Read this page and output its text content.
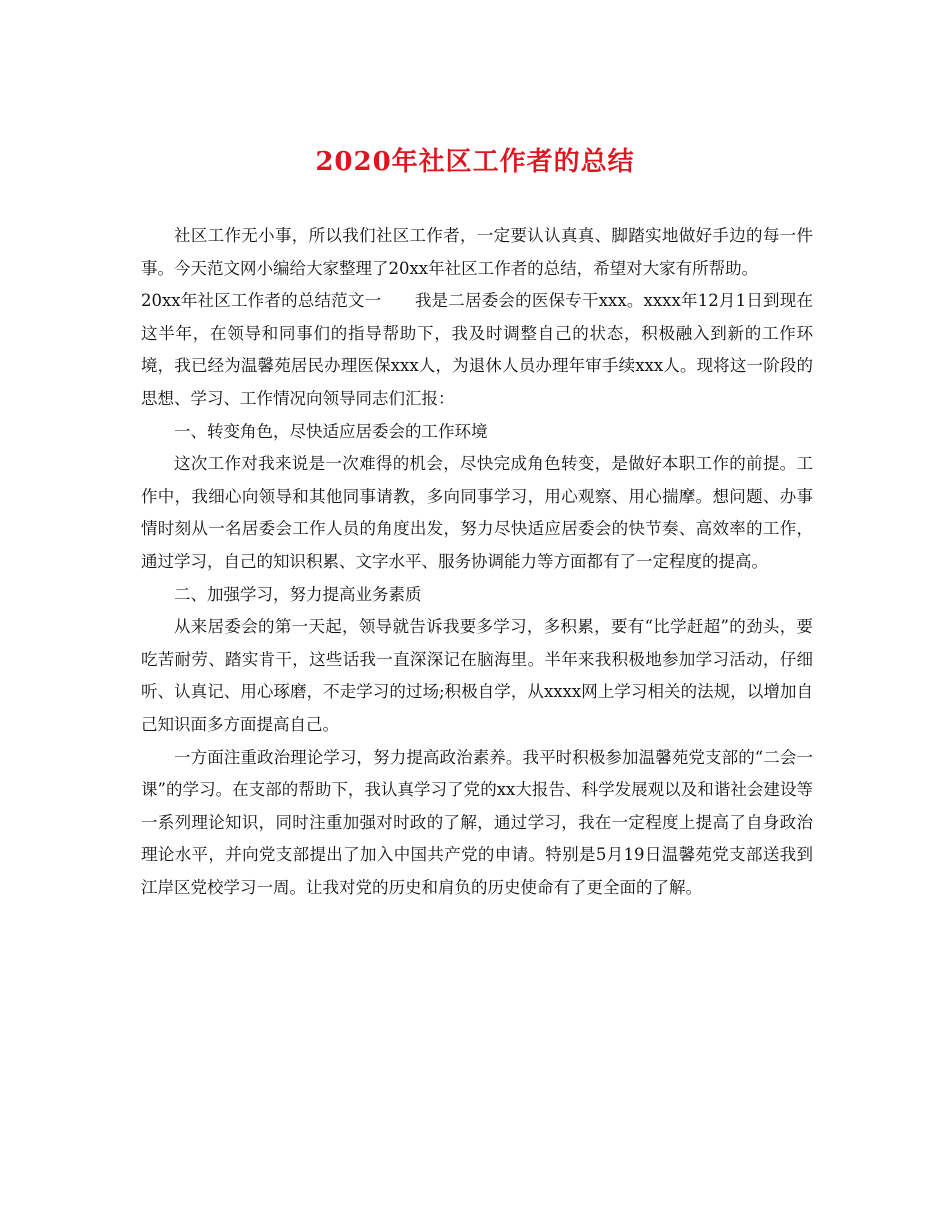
2020年社区工作者的总结

社区工作无小事，所以我们社区工作者，一定要认认真真、脚踏实地做好手边的每一件事。今天范文网小编给大家整理了20xx年社区工作者的总结，希望对大家有所帮助。

20xx年社区工作者的总结范文一　　我是二居委会的医保专干xxx。xxxx年12月1日到现在这半年，在领导和同事们的指导帮助下，我及时调整自己的状态，积极融入到新的工作环境，我已经为温馨苑居民办理医保xxx人，为退休人员办理年审手续xxx人。现将这一阶段的思想、学习、工作情况向领导同志们汇报：

一、转变角色，尽快适应居委会的工作环境

这次工作对我来说是一次难得的机会，尽快完成角色转变，是做好本职工作的前提。工作中，我细心向领导和其他同事请教，多向同事学习，用心观察、用心揣摩。想问题、办事情时刻从一名居委会工作人员的角度出发，努力尽快适应居委会的快节奏、高效率的工作，通过学习，自己的知识积累、文字水平、服务协调能力等方面都有了一定程度的提高。

二、加强学习，努力提高业务素质

从来居委会的第一天起，领导就告诉我要多学习，多积累，要有“比学赶超”的劲头，要吃苦耐劳、踏实肯干，这些话我一直深深记在脑海里。半年来我积极地参加学习活动，仔细听、认真记、用心琢磨，不走学习的过场;积极自学，从xxxx网上学习相关的法规，以增加自己知识面多方面提高自己。

一方面注重政治理论学习，努力提高政治素养。我平时积极参加温馨苑党支部的“二会一课”的学习。在支部的帮助下，我认真学习了党的xx大报告、科学发展观以及和谐社会建设等一系列理论知识，同时注重加强对时政的了解，通过学习，我在一定程度上提高了自身政治理论水平，并向党支部提出了加入中国共产党的申请。特别是5月19日温馨苑党支部送我到江岸区党校学习一周。让我对党的历史和肩负的历史使命有了更全面的了解。
